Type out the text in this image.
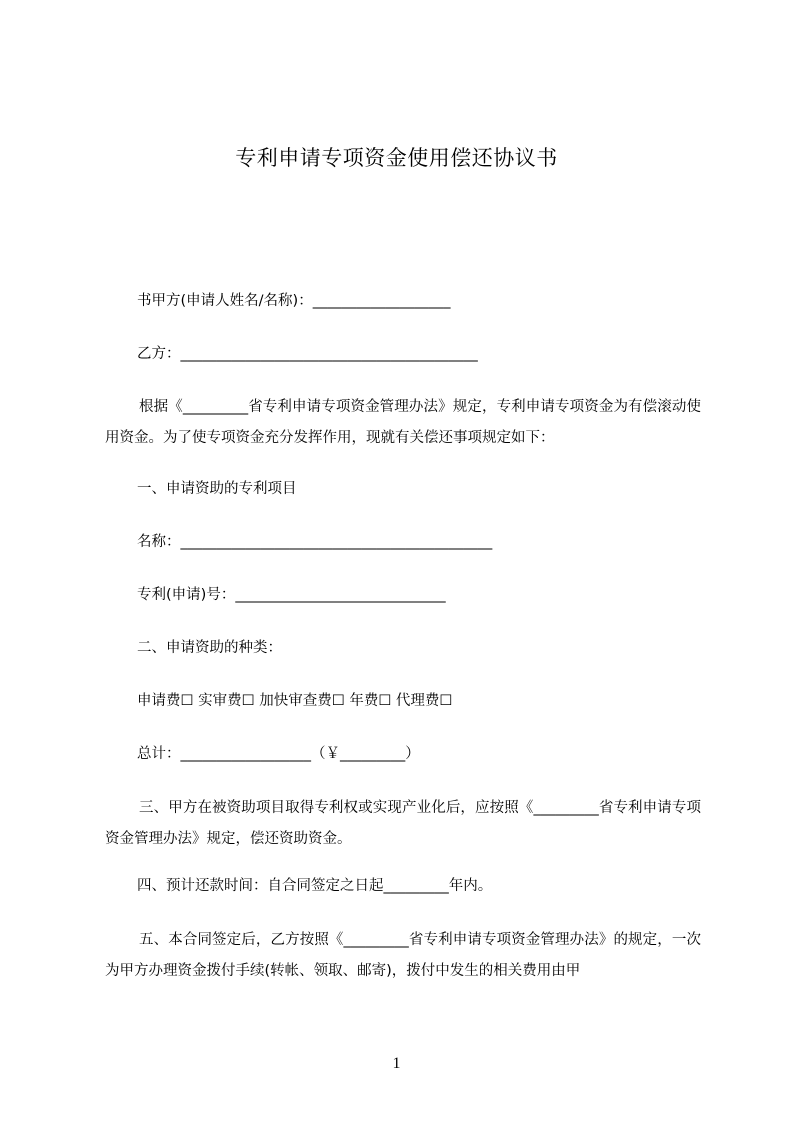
专利申请专项资金使用偿还协议书
书甲方(申请人姓名/名称)：___________________
乙方：_________________________________________
根据《_________省专利申请专项资金管理办法》规定，专利申请专项资金为有偿滚动使用资金。为了使专项资金充分发挥作用，现就有关偿还事项规定如下：
一、申请资助的专利项目
名称：___________________________________________
专利(申请)号：_____________________________
二、申请资助的种类：
申请费☐ 实审费☐ 加快审查费☐ 年费☐ 代理费☐
总计：__________________（￥_________）
三、甲方在被资助项目取得专利权或实现产业化后，应按照《_________省专利申请专项资金管理办法》规定，偿还资助资金。
四、预计还款时间：自合同签定之日起_________年内。
五、本合同签定后，乙方按照《_________省专利申请专项资金管理办法》的规定，一次为甲方办理资金拨付手续(转帐、领取、邮寄)，拨付中发生的相关费用由甲
1
